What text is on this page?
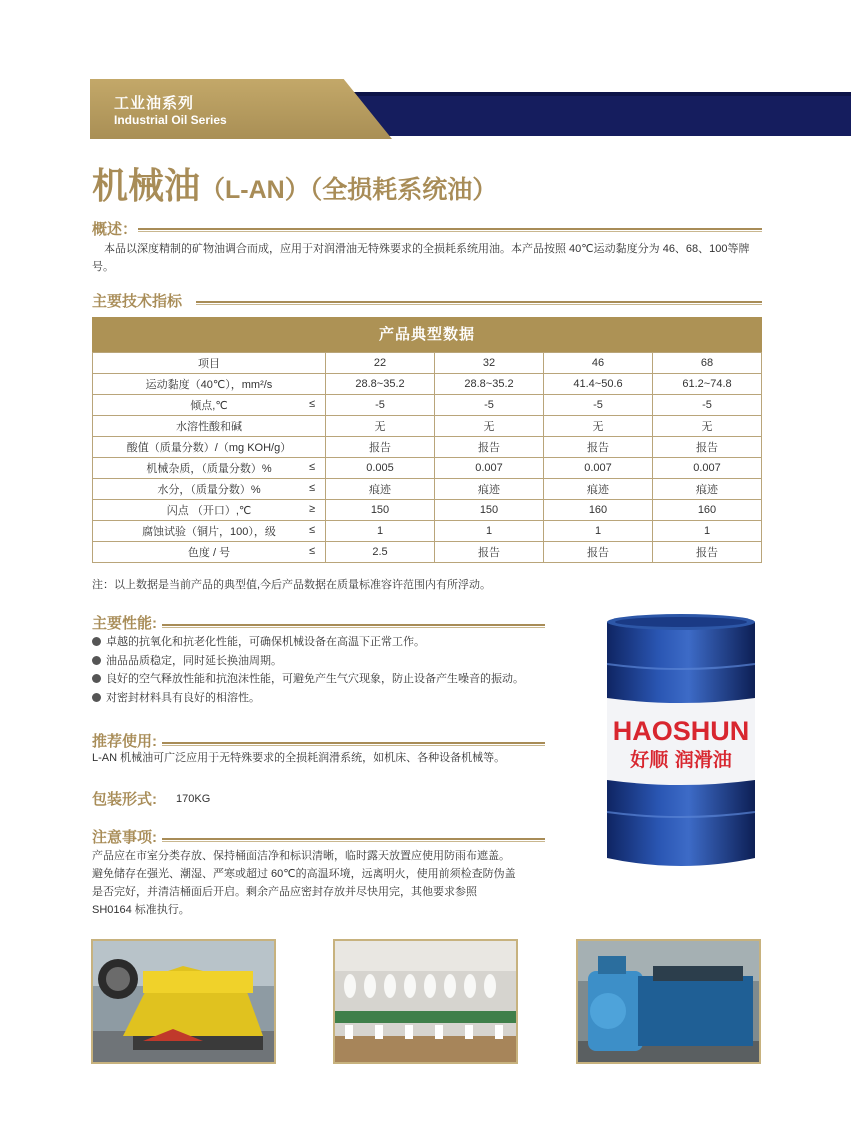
工业油系列
Industrial Oil Series
机械油（L-AN）（全损耗系统油）
概述：
本品以深度精制的矿物油调合而成，应用于对润滑油无特殊要求的全损耗系统用油。本产品按照 40℃运动黏度分为 46、68、100等牌号。
主要技术指标
产品典型数据
项目	22	32	46	68
运动黏度（40℃），mm²/s	28.8~35.2	28.8~35.2	41.4~50.6	61.2~74.8
倾点,℃ ≤	-5	-5	-5	-5
水溶性酸和碱	无	无	无	无
酸值（质量分数）/（mg KOH/g）	报告	报告	报告	报告
机械杂质，（质量分数）% ≤	0.005	0.007	0.007	0.007
水分，（质量分数）% ≤	痕迹	痕迹	痕迹	痕迹
闪点 （开口）,℃ ≥	150	150	160	160
腐蚀试验（铜片，100），级 ≤	1	1	1	1
色度 / 号 ≤	2.5	报告	报告	报告
注：以上数据是当前产品的典型值,今后产品数据在质量标准容许范围内有所浮动。
主要性能:
卓越的抗氧化和抗老化性能，可确保机械设备在高温下正常工作。
油品品质稳定，同时延长换油周期。
良好的空气释放性能和抗泡沫性能，可避免产生气穴现象，防止设备产生噪音的振动。
对密封材料具有良好的相溶性。
推荐使用:
L-AN 机械油可广泛应用于无特殊要求的全损耗润滑系统，如机床、各种设备机械等。
包装形式: 170KG
注意事项:
产品应在市室分类存放、保持桶面洁净和标识清晰，临时露天放置应使用防雨布遮盖。
避免储存在强光、潮湿、严寒或超过 60℃的高温环境，远离明火，使用前须检查防伪盖
是否完好，并清洁桶面后开启。剩余产品应密封存放并尽快用完，其他要求参照
SH0164 标准执行。
HAOSHUN
好顺 润滑油
